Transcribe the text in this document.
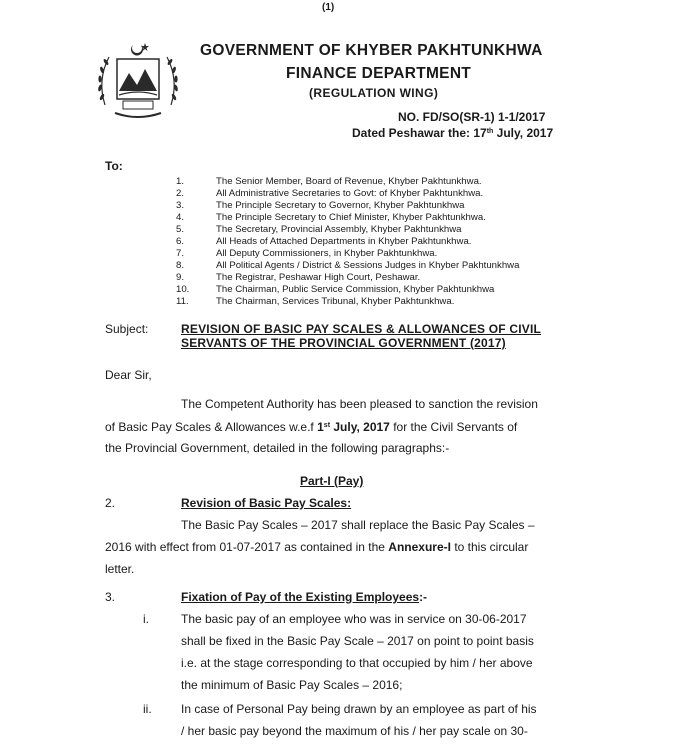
(1)
GOVERNMENT OF KHYBER PAKHTUNKHWA
FINANCE DEPARTMENT
(REGULATION WING)
NO. FD/SO(SR-1) 1-1/2017
Dated Peshawar the: 17th July, 2017
To:
1.	The Senior Member, Board of Revenue, Khyber Pakhtunkhwa.
2.	All Administrative Secretaries to Govt: of Khyber Pakhtunkhwa.
3.	The Principle Secretary to Governor, Khyber Pakhtunkhwa
4.	The Principle Secretary to Chief Minister, Khyber Pakhtunkhwa.
5.	The Secretary, Provincial Assembly, Khyber Pakhtunkhwa
6.	All Heads of Attached Departments in Khyber Pakhtunkhwa.
7.	All Deputy Commissioners, in Khyber Pakhtunkhwa.
8.	All Political Agents / District & Sessions Judges in Khyber Pakhtunkhwa
9.	The Registrar, Peshawar High Court, Peshawar.
10.	The Chairman, Public Service Commission, Khyber Pakhtunkhwa
11.	The Chairman, Services Tribunal, Khyber Pakhtunkhwa.
Subject:	REVISION OF BASIC PAY SCALES & ALLOWANCES OF CIVIL
SERVANTS OF THE PROVINCIAL GOVERNMENT (2017)
Dear Sir,
The Competent Authority has been pleased to sanction the revision
of Basic Pay Scales & Allowances w.e.f 1st July, 2017 for the Civil Servants of
the Provincial Government, detailed in the following paragraphs:-
Part-I (Pay)
2.	Revision of Basic Pay Scales:
The Basic Pay Scales – 2017 shall replace the Basic Pay Scales –
2016 with effect from 01-07-2017 as contained in the Annexure-I to this circular
letter.
3.	Fixation of Pay of the Existing Employees:-
i.	The basic pay of an employee who was in service on 30-06-2017
shall be fixed in the Basic Pay Scale – 2017 on point to point basis
i.e. at the stage corresponding to that occupied by him / her above
the minimum of Basic Pay Scales – 2016;
ii. In case of Personal Pay being drawn by an employee as part of his
/ her basic pay beyond the maximum of his / her pay scale on 30-
